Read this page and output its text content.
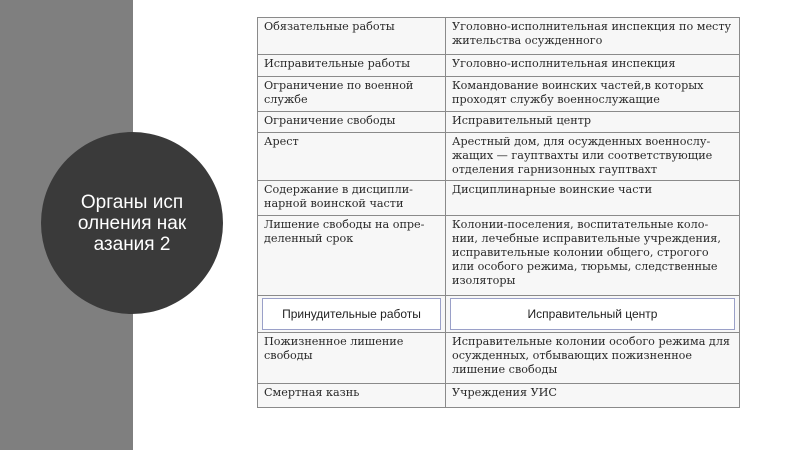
Органы исполнения наказания 2
Обязательные работы	Уголовно-исполнительная инспекция по месту жительства осужденного
Исправительные работы	Уголовно-исполнительная инспекция
Ограничение по военной службе	Командование воинских частей,в которых проходят службу военнослужащие
Ограничение свободы	Исправительный центр
Арест	Арестный дом, для осужденных военнослу-жащих — гауптвахты или соответствующие отделения гарнизонных гауптвахт
Содержание в дисципли-нарной воинской части	Дисциплинарные воинские части
Лишение свободы на опре-деленный срок	Колонии-поселения, воспитательные коло-нии, лечебные исправительные учреждения, исправительные колонии общего, строгого или особого режима, тюрьмы, следственные изоляторы

Принудительные работы	Исправительный центр

Пожизненное лишение свободы	Исправительные колонии особого режима для осужденных, отбывающих пожизненное лишение свободы
Смертная казнь	Учреждения УИС
